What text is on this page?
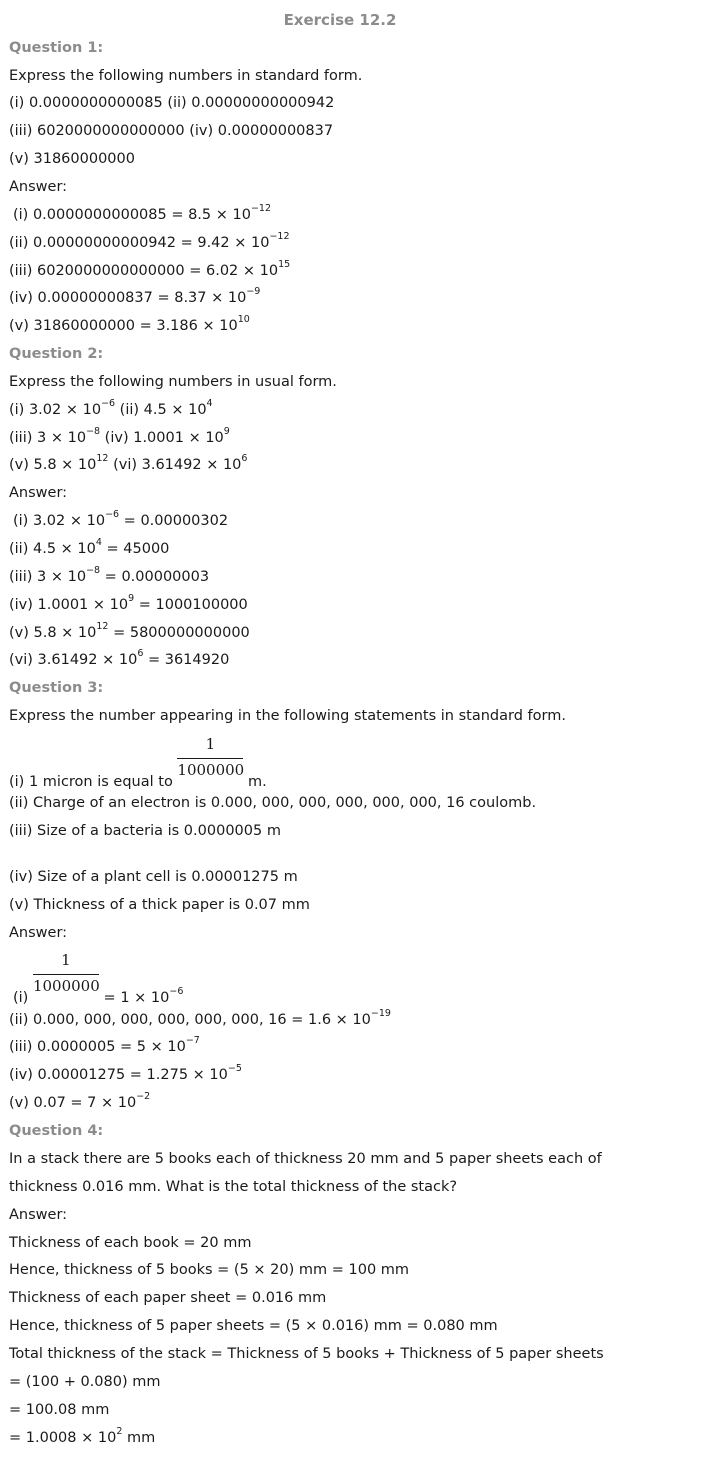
Exercise 12.2
Question 1:
Express the following numbers in standard form.
(i) 0.0000000000085 (ii) 0.00000000000942
(iii) 6020000000000000 (iv) 0.00000000837
(v) 31860000000
Answer:
(i) $0.0000000000085 = 8.5 \times 10^{-12}$
(ii) $0.00000000000942 = 9.42 \times 10^{-12}$
(iii) $6020000000000000 = 6.02 \times 10^{15}$
(iv) $0.00000000837 = 8.37 \times 10^{-9}$
(v) $31860000000 = 3.186 \times 10^{10}$
Question 2:
Express the following numbers in usual form.
(i) $3.02 \times 10^{-6}$ (ii) $4.5 \times 10^4$
(iii) $3 \times 10^{-8}$ (iv) $1.0001 \times 10^9$
(v) $5.8 \times 10^{12}$ (vi) $3.61492 \times 10^6$
Answer:
(i) $3.02 \times 10^{-6} = 0.00000302$
(ii) $4.5 \times 10^4 = 45000$
(iii) $3 \times 10^{-8} = 0.00000003$
(iv) $1.0001 \times 10^9 = 1000100000$
(v) $5.8 \times 10^{12} = 5800000000000$
(vi) $3.61492 \times 10^6 = 3614920$
Question 3:
Express the number appearing in the following statements in standard form.
(i) 1 micron is equal to $\frac{1}{1000000} m$.
(ii) Charge of an electron is 0.000, 000, 000, 000, 000, 000, 16 coulomb.
(iii) Size of a bacteria is 0.0000005 m
(iv) Size of a plant cell is 0.00001275 m
(v) Thickness of a thick paper is 0.07 mm
Answer:
$(i) \frac{1}{1000000} = 1 \times 10^{-6}$
(ii) 0.000, 000, 000, 000, 000, 000, $16 = 1.6 \times 10^{-19}$
(iii) $0.0000005 = 5 \times 10^{-7}$
(iv) $0.00001275 = 1.275 \times 10^{-5}$
(v) $0.07 = 7 \times 10^{-2}$
Question 4:
In a stack there are 5 books each of thickness 20 mm and 5 paper sheets each of
thickness 0.016 mm. What is the total thickness of the stack?
Answer:
Thickness of each book = 20 mm
Hence, thickness of 5 books = (5 × 20) mm = 100 mm
Thickness of each paper sheet = 0.016 mm
Hence, thickness of 5 paper sheets = (5 × 0.016) mm = 0.080 mm
Total thickness of the stack = Thickness of 5 books + Thickness of 5 paper sheets
= (100 + 0.080) mm
= 100.08 mm
= $1.0008 \times 10^2$ mm
